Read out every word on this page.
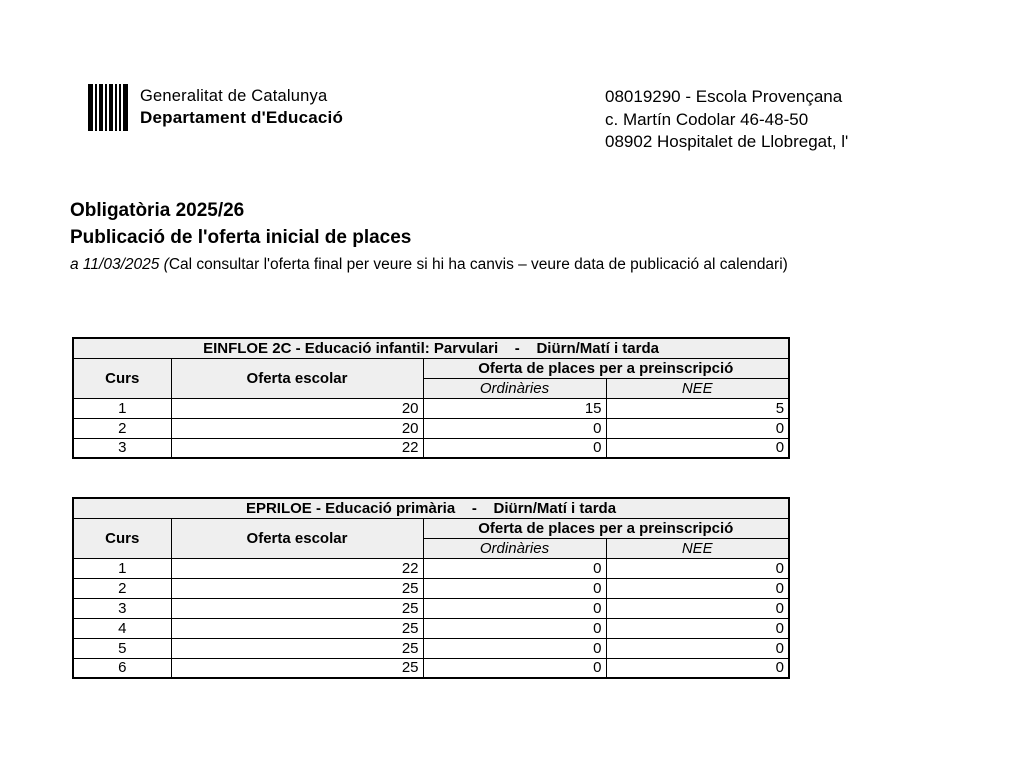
Generalitat de Catalunya
Departament d'Educació
08019290 - Escola Provençana
c. Martín Codolar 46-48-50
08902 Hospitalet de Llobregat, l'
Obligatòria 2025/26
Publicació de l'oferta inicial de places
a 11/03/2025 (Cal consultar l'oferta final per veure si hi ha canvis – veure data de publicació al calendari)
EINFLOE 2C - Educació infantil: Parvulari    -    Diürn/Matí i tarda			
Curs	Oferta escolar	Oferta de places per a preinscripció	
		Ordinàries	NEE
1	20	15	5
2	20	0	0
3	22	0	0
EPRILOE - Educació primària    -    Diürn/Matí i tarda			
Curs	Oferta escolar	Oferta de places per a preinscripció	
		Ordinàries	NEE
1	22	0	0
2	25	0	0
3	25	0	0
4	25	0	0
5	25	0	0
6	25	0	0
